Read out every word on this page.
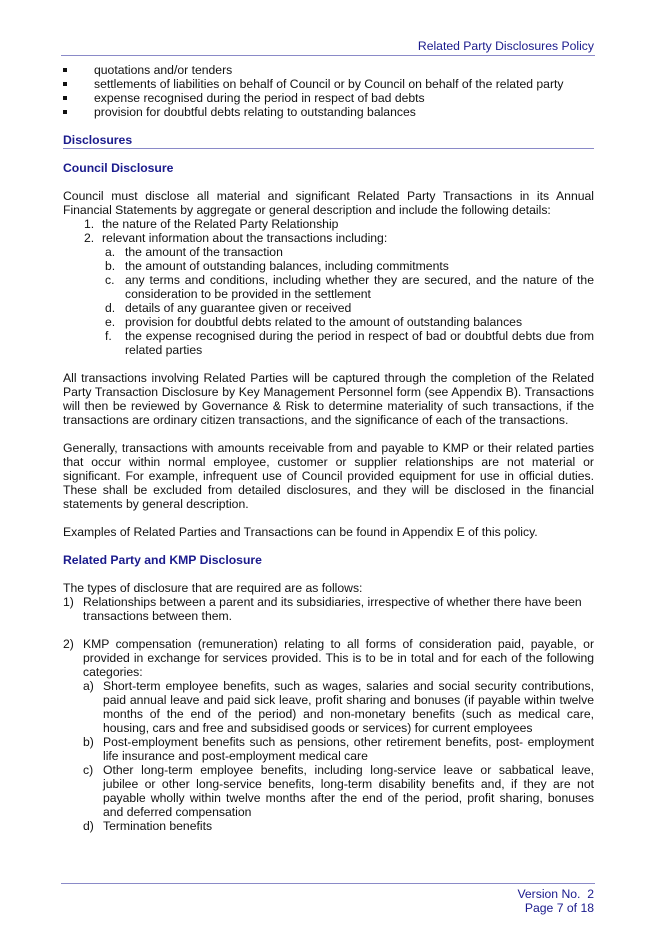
Related Party Disclosures Policy
quotations and/or tenders
settlements of liabilities on behalf of Council or by Council on behalf of the related party
expense recognised during the period in respect of bad debts
provision for doubtful debts relating to outstanding balances
Disclosures
Council Disclosure

Council must disclose all material and significant Related Party Transactions in its Annual Financial Statements by aggregate or general description and include the following details:

1. the nature of the Related Party Relationship
2. relevant information about the transactions including:
a. the amount of the transaction
b. the amount of outstanding balances, including commitments
c. any terms and conditions, including whether they are secured, and the nature of the consideration to be provided in the settlement
d. details of any guarantee given or received
e. provision for doubtful debts related to the amount of outstanding balances
f. the expense recognised during the period in respect of bad or doubtful debts due from related parties

All transactions involving Related Parties will be captured through the completion of the Related Party Transaction Disclosure by Key Management Personnel form (see Appendix B). Transactions will then be reviewed by Governance & Risk to determine materiality of such transactions, if the transactions are ordinary citizen transactions, and the significance of each of the transactions.

Generally, transactions with amounts receivable from and payable to KMP or their related parties that occur within normal employee, customer or supplier relationships are not material or significant. For example, infrequent use of Council provided equipment for use in official duties. These shall be excluded from detailed disclosures, and they will be disclosed in the financial statements by general description.

Examples of Related Parties and Transactions can be found in Appendix E of this policy.

Related Party and KMP Disclosure

The types of disclosure that are required are as follows:

1) Relationships between a parent and its subsidiaries, irrespective of whether there have been transactions between them.
2) KMP compensation (remuneration) relating to all forms of consideration paid, payable, or provided in exchange for services provided. This is to be in total and for each of the following categories:
a) Short-term employee benefits, such as wages, salaries and social security contributions, paid annual leave and paid sick leave, profit sharing and bonuses (if payable within twelve months of the end of the period) and non-monetary benefits (such as medical care, housing, cars and free and subsidised goods or services) for current employees
b) Post-employment benefits such as pensions, other retirement benefits, post- employment life insurance and post-employment medical care
c) Other long-term employee benefits, including long-service leave or sabbatical leave, jubilee or other long-service benefits, long-term disability benefits and, if they are not payable wholly within twelve months after the end of the period, profit sharing, bonuses and deferred compensation
d) Termination benefits
Version No.  2
Page 7 of 18
